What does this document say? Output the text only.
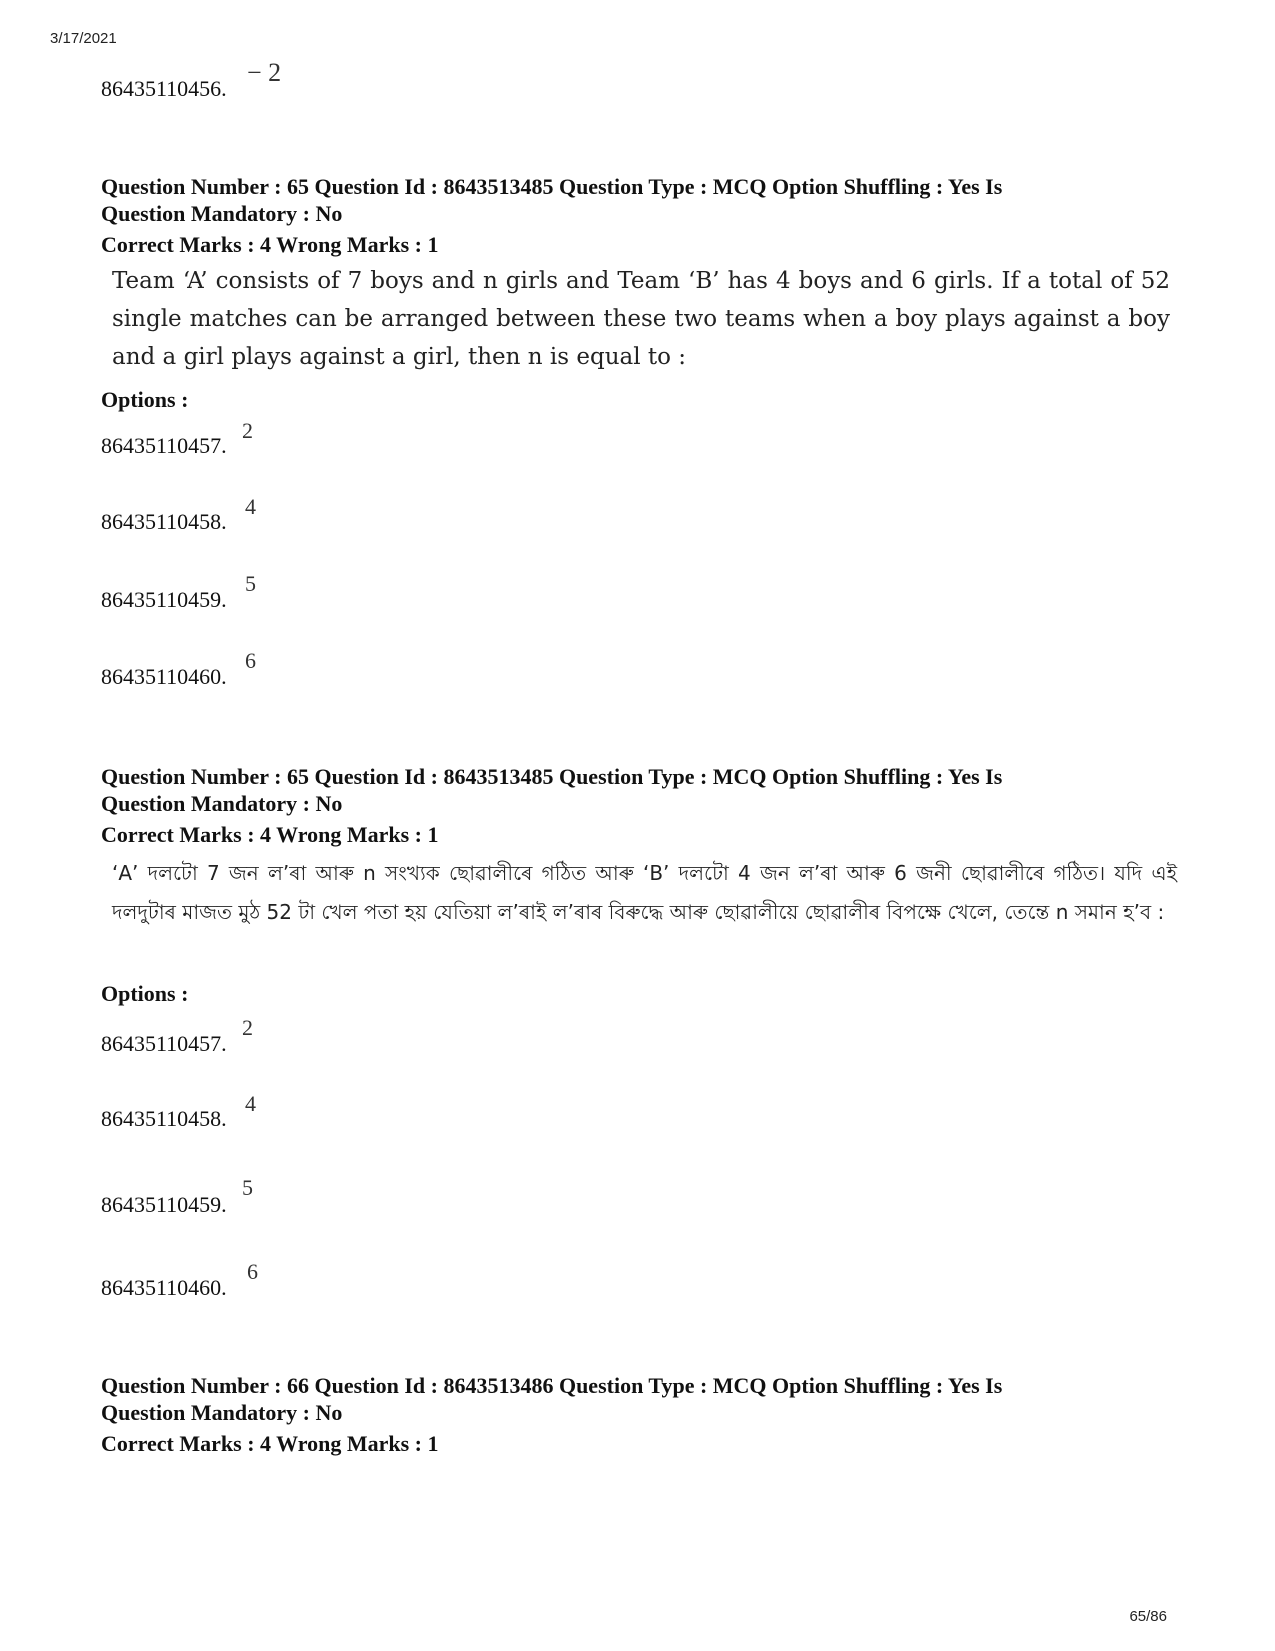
3/17/2021
86435110456.
− 2
Question Number : 65 Question Id : 8643513485 Question Type : MCQ Option Shuffling : Yes Is
Question Mandatory : No
Correct Marks : 4 Wrong Marks : 1
Team ‘A’ consists of 7 boys and n girls and Team ‘B’ has 4 boys and 6 girls. If a total of 52 single matches can be arranged between these two teams when a boy plays against a boy and a girl plays against a girl, then n is equal to :
Options :
86435110457.
2
86435110458.
4
86435110459.
5
86435110460.
6
Question Number : 65 Question Id : 8643513485 Question Type : MCQ Option Shuffling : Yes Is
Question Mandatory : No
Correct Marks : 4 Wrong Marks : 1
‘A’ দলটো 7 জন ল’ৰা আৰু n সংখ্যক ছোৱালীৰে গঠিত আৰু ‘B’ দলটো 4 জন ল’ৰা আৰু 6 জনী ছোৱালীৰে গঠিত। যদি এই দলদুটাৰ মাজত মুঠ 52 টা খেল পতা হয় যেতিয়া ল’ৰাই ল’ৰাৰ বিৰুদ্ধে আৰু ছোৱালীয়ে ছোৱালীৰ বিপক্ষে খেলে, তেন্তে n সমান হ’ব :
Options :
86435110457.
2
86435110458.
4
86435110459.
5
86435110460.
6
Question Number : 66 Question Id : 8643513486 Question Type : MCQ Option Shuffling : Yes Is
Question Mandatory : No
Correct Marks : 4 Wrong Marks : 1
65/86
